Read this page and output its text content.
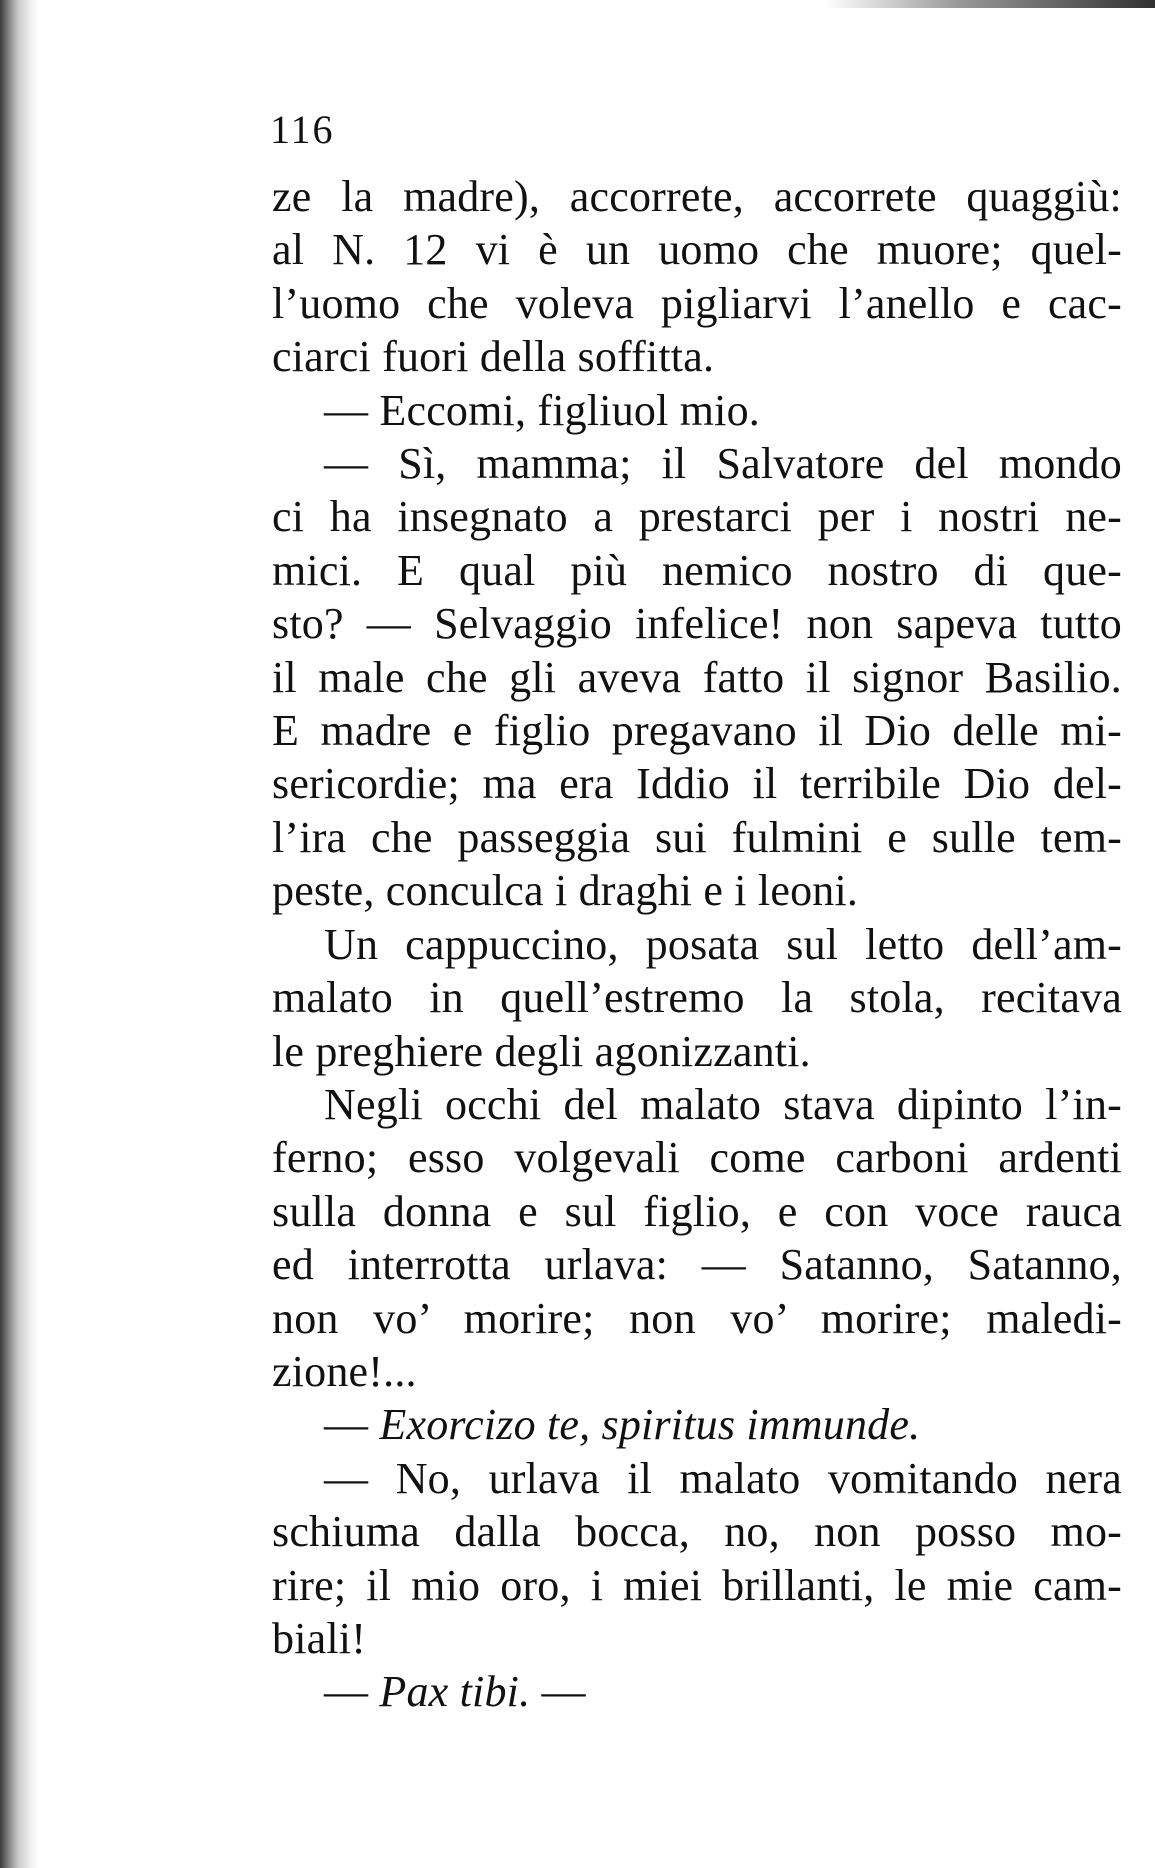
116
ze la madre), accorrete, accorrete quaggiù:
al N. 12 vi è un uomo che muore; quel-
l’uomo che voleva pigliarvi l’anello e cac-
ciarci fuori della soffitta.
— Eccomi, figliuol mio.
— Sì, mamma; il Salvatore del mondo
ci ha insegnato a prestarci per i nostri ne-
mici. E qual più nemico nostro di que-
sto? — Selvaggio infelice! non sapeva tutto
il male che gli aveva fatto il signor Basilio.
E madre e figlio pregavano il Dio delle mi-
sericordie; ma era Iddio il terribile Dio del-
l’ira che passeggia sui fulmini e sulle tem-
peste, conculca i draghi e i leoni.
Un cappuccino, posata sul letto dell’am-
malato in quell’estremo la stola, recitava
le preghiere degli agonizzanti.
Negli occhi del malato stava dipinto l’in-
ferno; esso volgevali come carboni ardenti
sulla donna e sul figlio, e con voce rauca
ed interrotta urlava: — Satanno, Satanno,
non vo’ morire; non vo’ morire; maledi-
zione!...
— Exorcizo te, spiritus immunde.
— No, urlava il malato vomitando nera
schiuma dalla bocca, no, non posso mo-
rire; il mio oro, i miei brillanti, le mie cam-
biali!
— Pax tibi. —
